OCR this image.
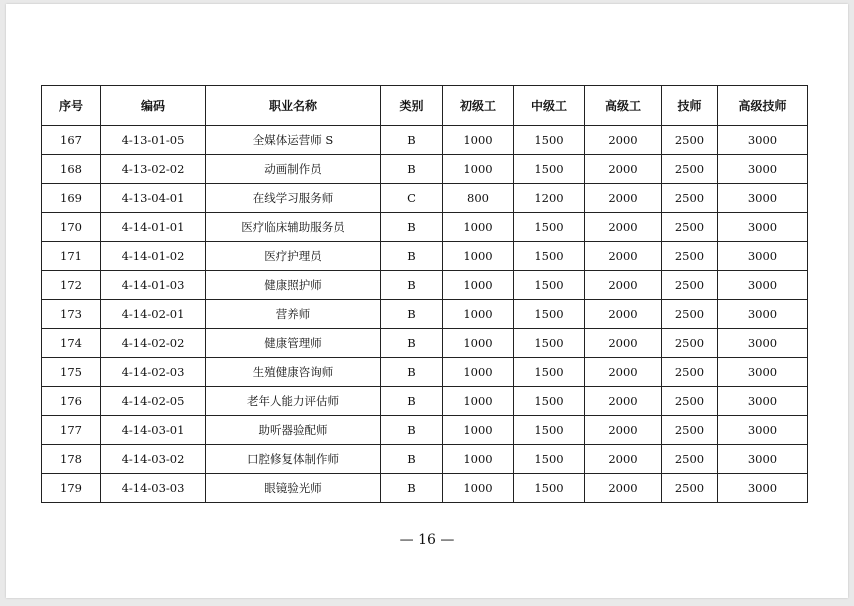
序号	编码	职业名称	类别	初级工	中级工	高级工	技师	高级技师
167	4-13-01-05	全媒体运营师 S	B	1000	1500	2000	2500	3000
168	4-13-02-02	动画制作员	B	1000	1500	2000	2500	3000
169	4-13-04-01	在线学习服务师	C	800	1200	2000	2500	3000
170	4-14-01-01	医疗临床辅助服务员	B	1000	1500	2000	2500	3000
171	4-14-01-02	医疗护理员	B	1000	1500	2000	2500	3000
172	4-14-01-03	健康照护师	B	1000	1500	2000	2500	3000
173	4-14-02-01	营养师	B	1000	1500	2000	2500	3000
174	4-14-02-02	健康管理师	B	1000	1500	2000	2500	3000
175	4-14-02-03	生殖健康咨询师	B	1000	1500	2000	2500	3000
176	4-14-02-05	老年人能力评估师	B	1000	1500	2000	2500	3000
177	4-14-03-01	助听器验配师	B	1000	1500	2000	2500	3000
178	4-14-03-02	口腔修复体制作师	B	1000	1500	2000	2500	3000
179	4-14-03-03	眼镜验光师	B	1000	1500	2000	2500	3000
— 16 —
